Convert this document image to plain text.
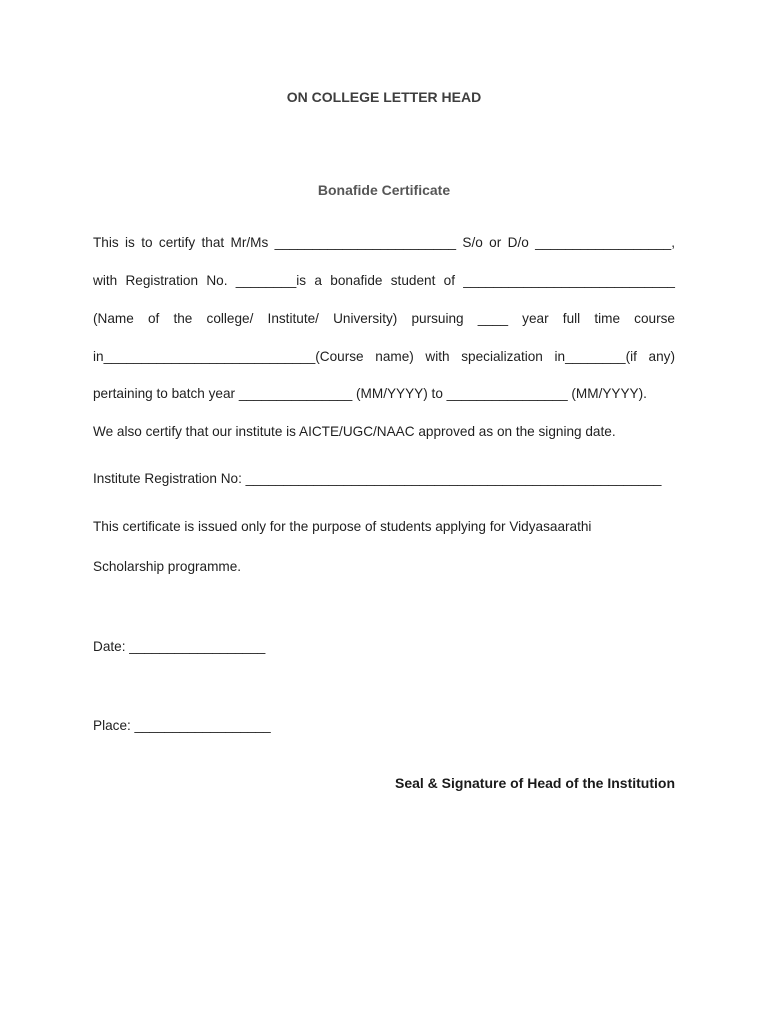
ON COLLEGE LETTER HEAD
Bonafide Certificate
This is to certify that Mr/Ms ________________________ S/o or D/o __________________,
with Registration No. ________is a bonafide student of ____________________________
(Name of the college/ Institute/ University) pursuing ____ year full time course
in____________________________(Course name) with specialization in________(if any)
pertaining to batch year _______________ (MM/YYYY) to ________________ (MM/YYYY).
We also certify that our institute is AICTE/UGC/NAAC approved as on the signing date.
Institute Registration No: _______________________________________________________
This certificate is issued only for the purpose of students applying for Vidyasaarathi
Scholarship programme.
Date: __________________
Place: __________________
Seal & Signature of Head of the Institution
